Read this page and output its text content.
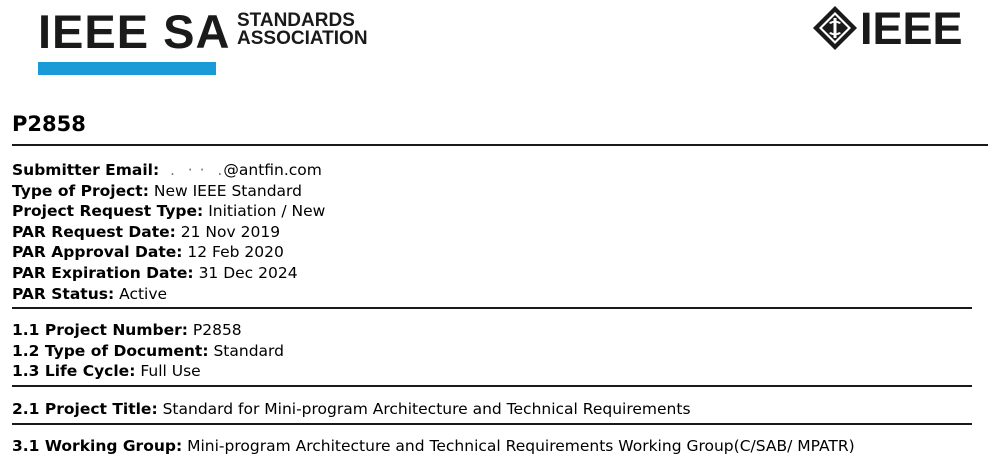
IEEE SA STANDARDS
ASSOCIATION	IEEE
P2858
Submitter Email:  .  · ·  .@antfin.com
Type of Project: New IEEE Standard
Project Request Type: Initiation / New
PAR Request Date: 21 Nov 2019
PAR Approval Date: 12 Feb 2020
PAR Expiration Date: 31 Dec 2024
PAR Status: Active
1.1 Project Number: P2858
1.2 Type of Document: Standard
1.3 Life Cycle: Full Use
2.1 Project Title: Standard for Mini-program Architecture and Technical Requirements
3.1 Working Group: Mini-program Architecture and Technical Requirements Working Group(C/SAB/ MPATR)
